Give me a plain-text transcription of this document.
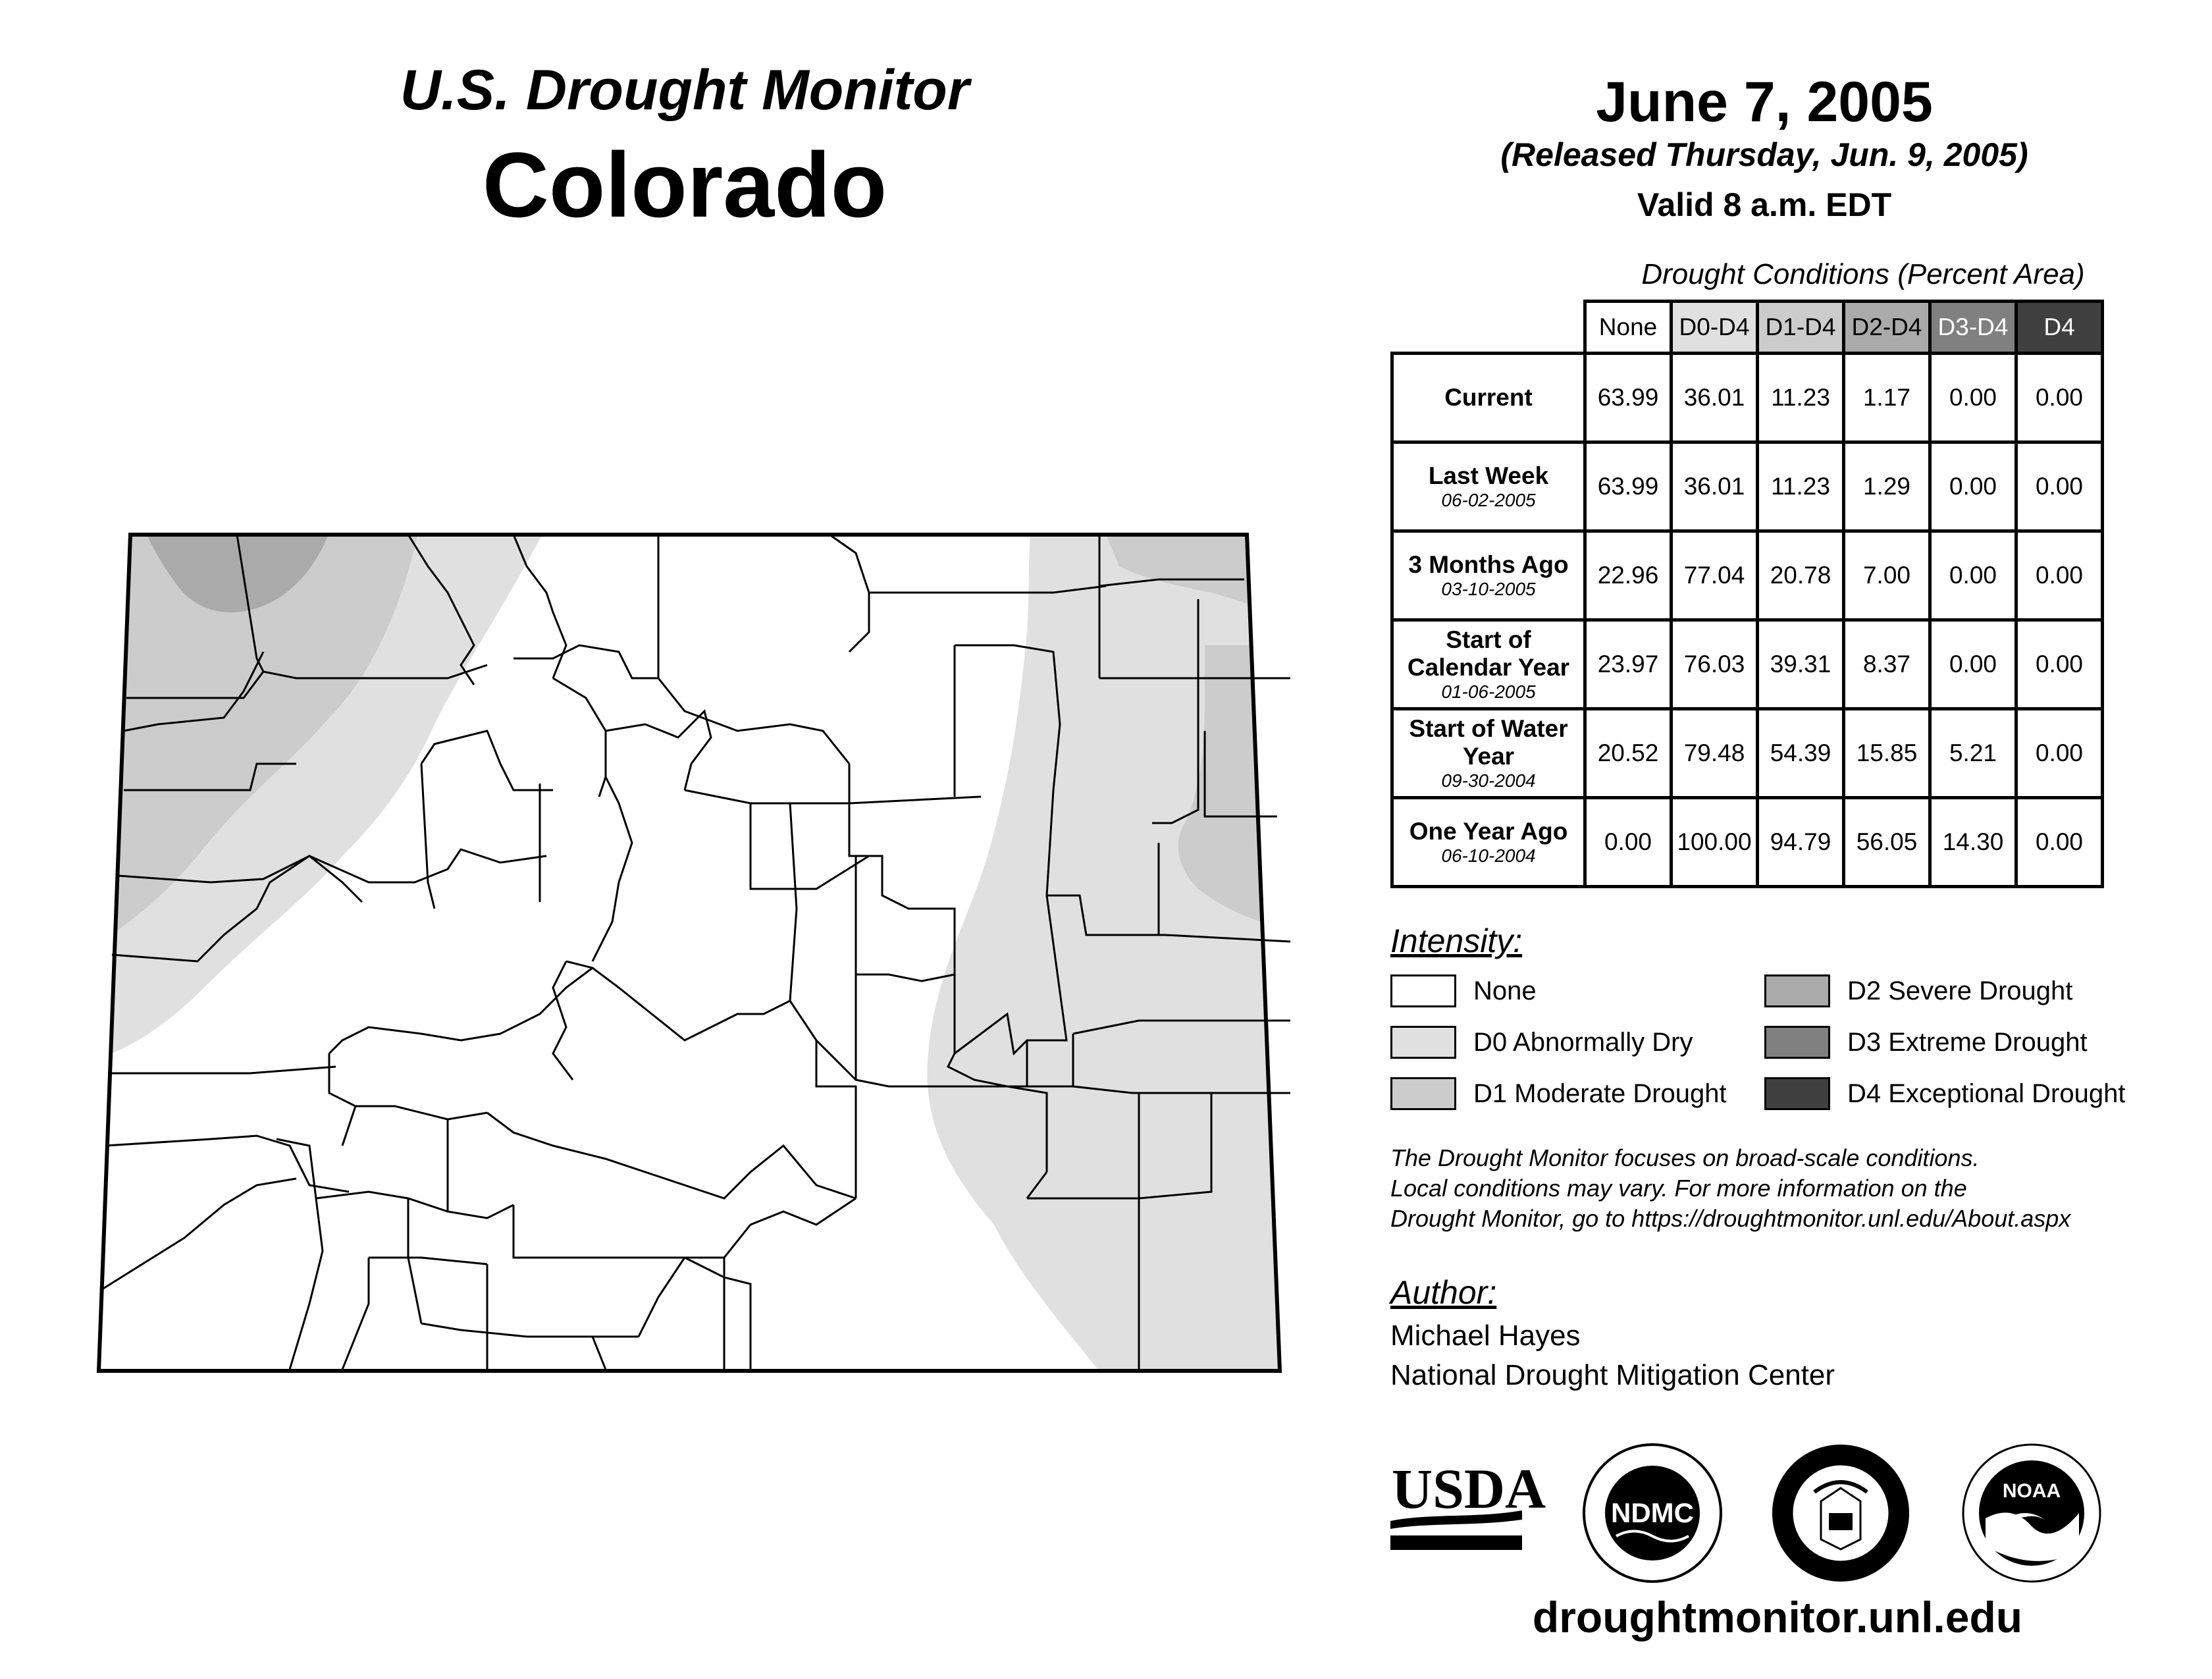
U.S. Drought Monitor
Colorado
June 7, 2005
(Released Thursday, Jun. 9, 2005)
Valid 8 a.m. EDT
Drought Conditions (Percent Area)
	None	D0-D4	D1-D4	D2-D4	D3-D4	D4
Current	63.99	36.01	11.23	1.17	0.00	0.00
Last Week
06-02-2005	63.99	36.01	11.23	1.29	0.00	0.00
3 Months Ago
03-10-2005	22.96	77.04	20.78	7.00	0.00	0.00
Start of Calendar Year
01-06-2005	23.97	76.03	39.31	8.37	0.00	0.00
Start of Water Year
09-30-2004	20.52	79.48	54.39	15.85	5.21	0.00
One Year Ago
06-10-2004	0.00	100.00	94.79	56.05	14.30	0.00
Intensity:
None
D0 Abnormally Dry
D1 Moderate Drought
D2 Severe Drought
D3 Extreme Drought
D4 Exceptional Drought
The Drought Monitor focuses on broad-scale conditions.
Local conditions may vary. For more information on the
Drought Monitor, go to https://droughtmonitor.unl.edu/About.aspx
Author:
Michael Hayes
National Drought Mitigation Center
USDA NDMC
NOAA
droughtmonitor.unl.edu
